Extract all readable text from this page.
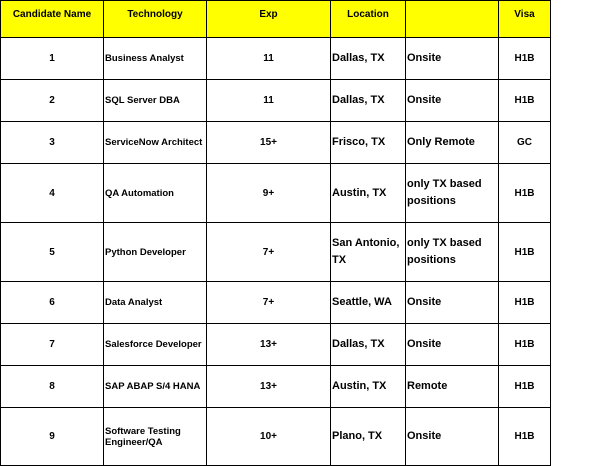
Candidate Name	Technology	Exp	Location		Visa
1	Business Analyst	11	Dallas, TX	Onsite	H1B
2	SQL Server DBA	11	Dallas, TX	Onsite	H1B
3	ServiceNow Architect	15+	Frisco, TX	Only Remote	GC
4	QA Automation	9+	Austin, TX	only TX based positions	H1B
5	Python Developer	7+	San Antonio, TX	only TX based positions	H1B
6	Data Analyst	7+	Seattle, WA	Onsite	H1B
7	Salesforce Developer	13+	Dallas, TX	Onsite	H1B
8	SAP ABAP S/4 HANA	13+	Austin, TX	Remote	H1B
9	Software Testing Engineer/QA	10+	Plano, TX	Onsite	H1B
